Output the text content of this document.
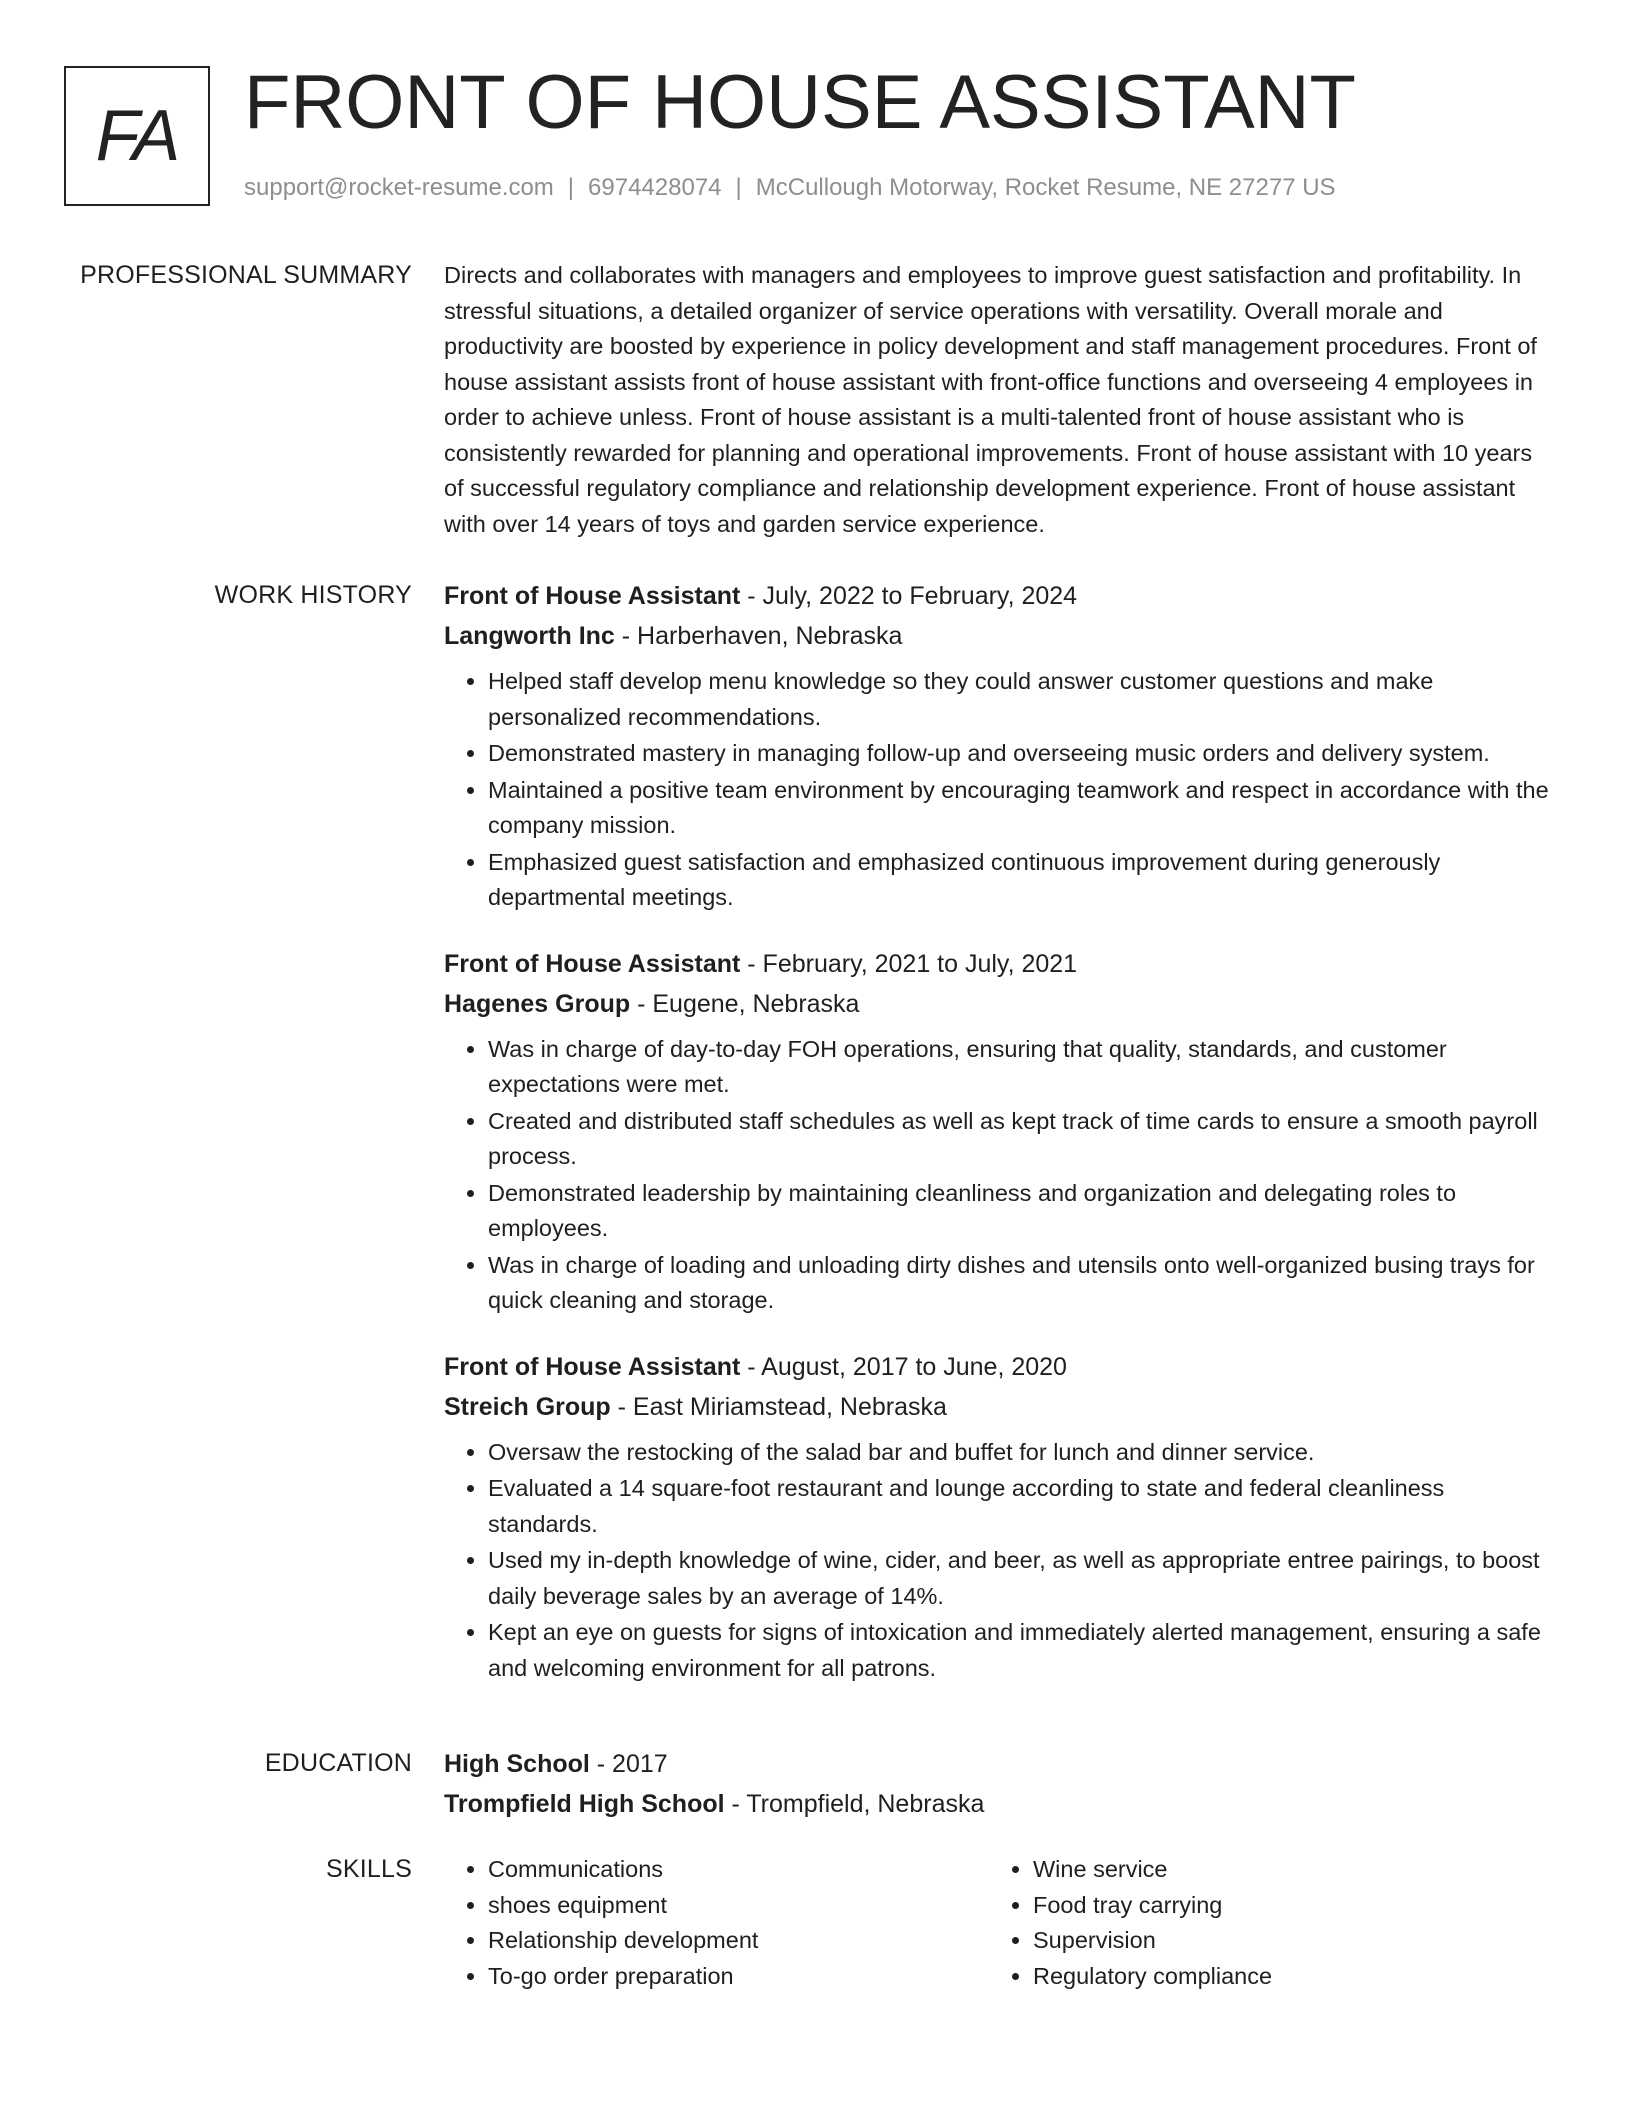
FA FRONT OF HOUSE ASSISTANT
support@rocket-resume.com | 6974428074 | McCullough Motorway, Rocket Resume, NE 27277 US
PROFESSIONAL SUMMARY Directs and collaborates with managers and employees to improve guest satisfaction and profitability. In stressful situations, a detailed organizer of service operations with versatility. Overall morale and productivity are boosted by experience in policy development and staff management procedures. Front of house assistant assists front of house assistant with front-office functions and overseeing 4 employees in order to achieve unless. Front of house assistant is a multi-talented front of house assistant who is consistently rewarded for planning and operational improvements. Front of house assistant with 10 years of successful regulatory compliance and relationship development experience. Front of house assistant with over 14 years of toys and garden service experience.

WORK HISTORY Front of House Assistant - July, 2022 to February, 2024
Langworth Inc - Harberhaven, Nebraska
• Helped staff develop menu knowledge so they could answer customer questions and make personalized recommendations.
• Demonstrated mastery in managing follow-up and overseeing music orders and delivery system.
• Maintained a positive team environment by encouraging teamwork and respect in accordance with the company mission.
• Emphasized guest satisfaction and emphasized continuous improvement during generously departmental meetings.
Front of House Assistant - February, 2021 to July, 2021
Hagenes Group - Eugene, Nebraska
• Was in charge of day-to-day FOH operations, ensuring that quality, standards, and customer expectations were met.
• Created and distributed staff schedules as well as kept track of time cards to ensure a smooth payroll process.
• Demonstrated leadership by maintaining cleanliness and organization and delegating roles to employees.
• Was in charge of loading and unloading dirty dishes and utensils onto well-organized busing trays for quick cleaning and storage.
Front of House Assistant - August, 2017 to June, 2020
Streich Group - East Miriamstead, Nebraska
• Oversaw the restocking of the salad bar and buffet for lunch and dinner service.
• Evaluated a 14 square-foot restaurant and lounge according to state and federal cleanliness standards.
• Used my in-depth knowledge of wine, cider, and beer, as well as appropriate entree pairings, to boost daily beverage sales by an average of 14%.
• Kept an eye on guests for signs of intoxication and immediately alerted management, ensuring a safe and welcoming environment for all patrons.
EDUCATION High School - 2017
Trompfield High School - Trompfield, Nebraska
SKILLS
•	Communications
• shoes equipment
• Relationship development
• To-go order preparation
• Wine service
• Food tray carrying
• Supervision
• Regulatory compliance
